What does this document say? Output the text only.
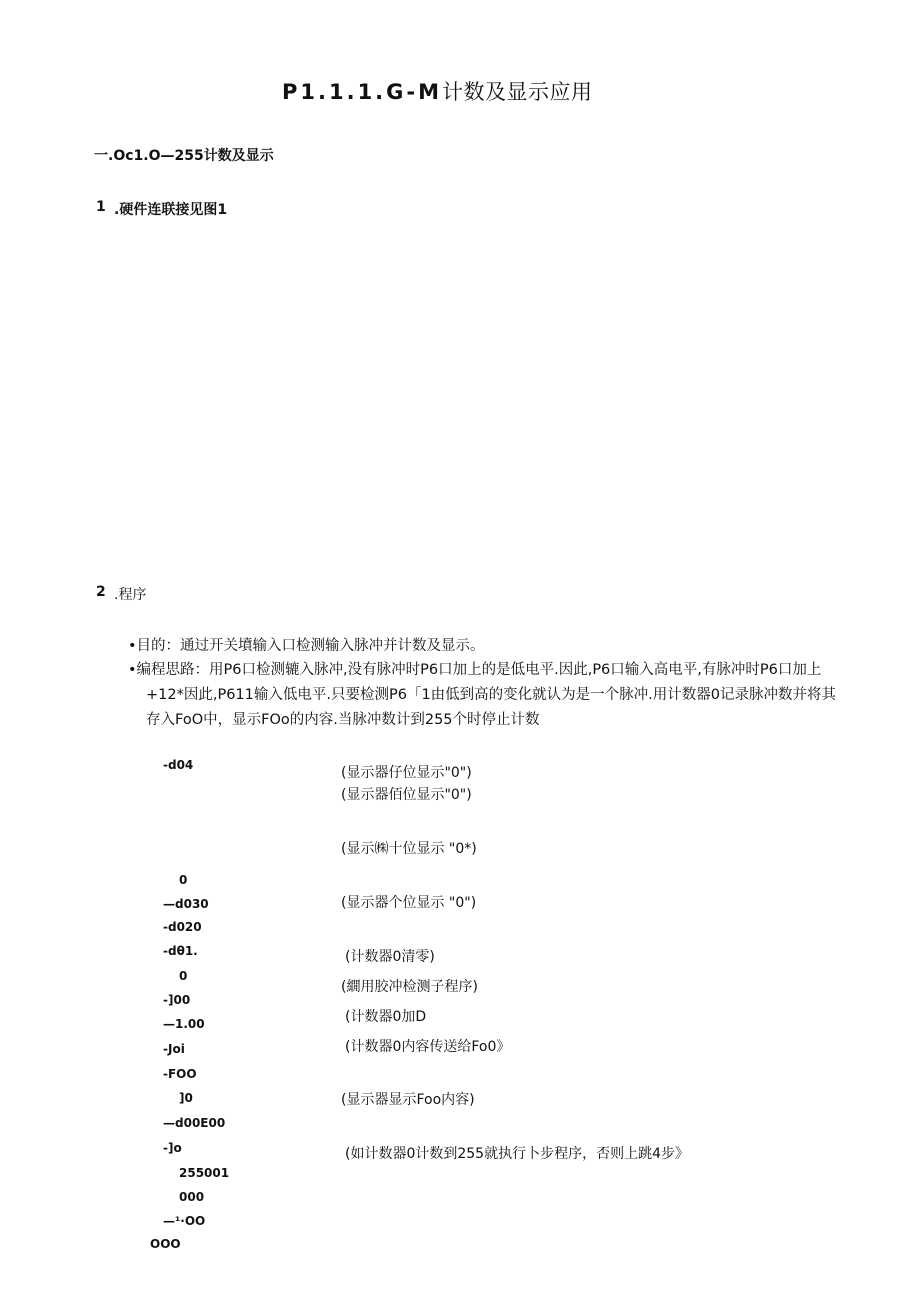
P1.1.1.G-M计数及显示应用
一.Oc1.O—255计数及显示
1 .硬件连联接见图1
2 .程序
•目的：通过开关墳输入口检测输入脉冲并计数及显示。
•编程思路：用P6口检测辘入脉冲,没有脉冲时P6口加上的是低电平.因此,P6口输入高电平,有脉冲时P6口加上
+12*因此,P611输入低电平.只要检测P6「1由低到高的变化就认为是一个脉冲.用计数器0记录脉冲数并将其
存入FoO中，显示FOo的内容.当脉冲数计到255个时停止计数
-d04
0
—d030
-d020
-dθ1.
0
-]00
—1.00
-Joi
-FOO
]0
—d00E00
-]o
255001
000
—¹·OO
OOO
(显示器仔位显示"0")
(显示器佰位显示"0")
(显示㈱十位显示 "0*)
(显示器个位显示 "0")
(计数器0清零)
(繝用胶冲检测子程序)
(计数器0加D
(计数器0内容传送给Fo0》
(显示器显示Foo内容)
(如计数器0计数到255就执行卜步程序，否则上跳4步》
